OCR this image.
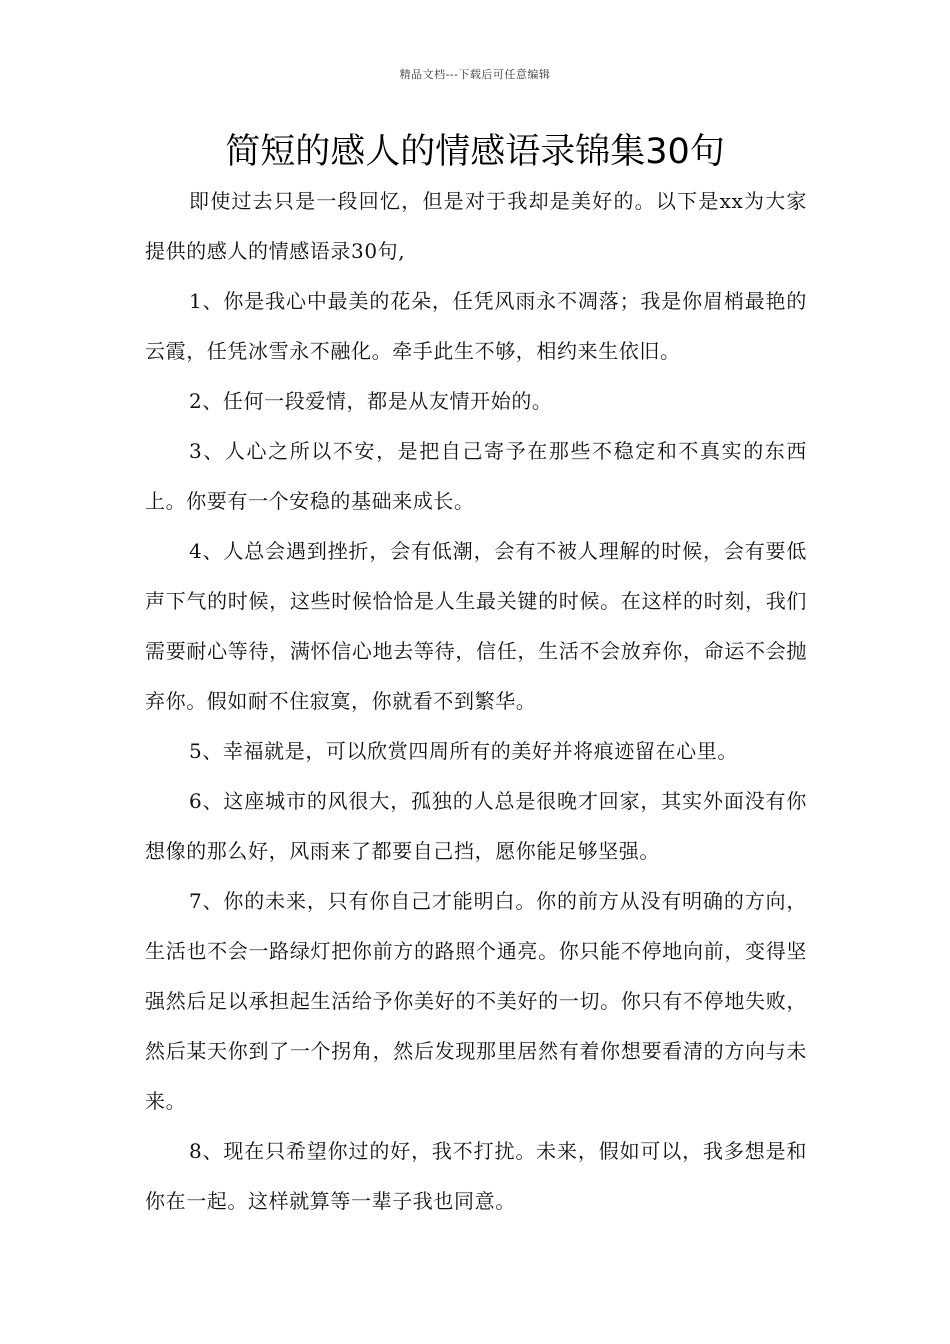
精品文档---下载后可任意编辑
简短的感人的情感语录锦集30句

即使过去只是一段回忆，但是对于我却是美好的。以下是xx为大家提供的感人的情感语录30句,

1、你是我心中最美的花朵，任凭风雨永不凋落；我是你眉梢最艳的云霞，任凭冰雪永不融化。牵手此生不够，相约来生依旧。

2、任何一段爱情，都是从友情开始的。

3、人心之所以不安，是把自己寄予在那些不稳定和不真实的东西上。你要有一个安稳的基础来成长。

4、人总会遇到挫折，会有低潮，会有不被人理解的时候，会有要低声下气的时候，这些时候恰恰是人生最关键的时候。在这样的时刻，我们需要耐心等待，满怀信心地去等待，信任，生活不会放弃你，命运不会抛弃你。假如耐不住寂寞，你就看不到繁华。

5、幸福就是，可以欣赏四周所有的美好并将痕迹留在心里。

6、这座城市的风很大，孤独的人总是很晚才回家，其实外面没有你想像的那么好，风雨来了都要自己挡，愿你能足够坚强。

7、你的未来，只有你自己才能明白。你的前方从没有明确的方向，生活也不会一路绿灯把你前方的路照个通亮。你只能不停地向前，变得坚强然后足以承担起生活给予你美好的不美好的一切。你只有不停地失败，然后某天你到了一个拐角，然后发现那里居然有着你想要看清的方向与未来。

8、现在只希望你过的好，我不打扰。未来，假如可以，我多想是和你在一起。这样就算等一辈子我也同意。
